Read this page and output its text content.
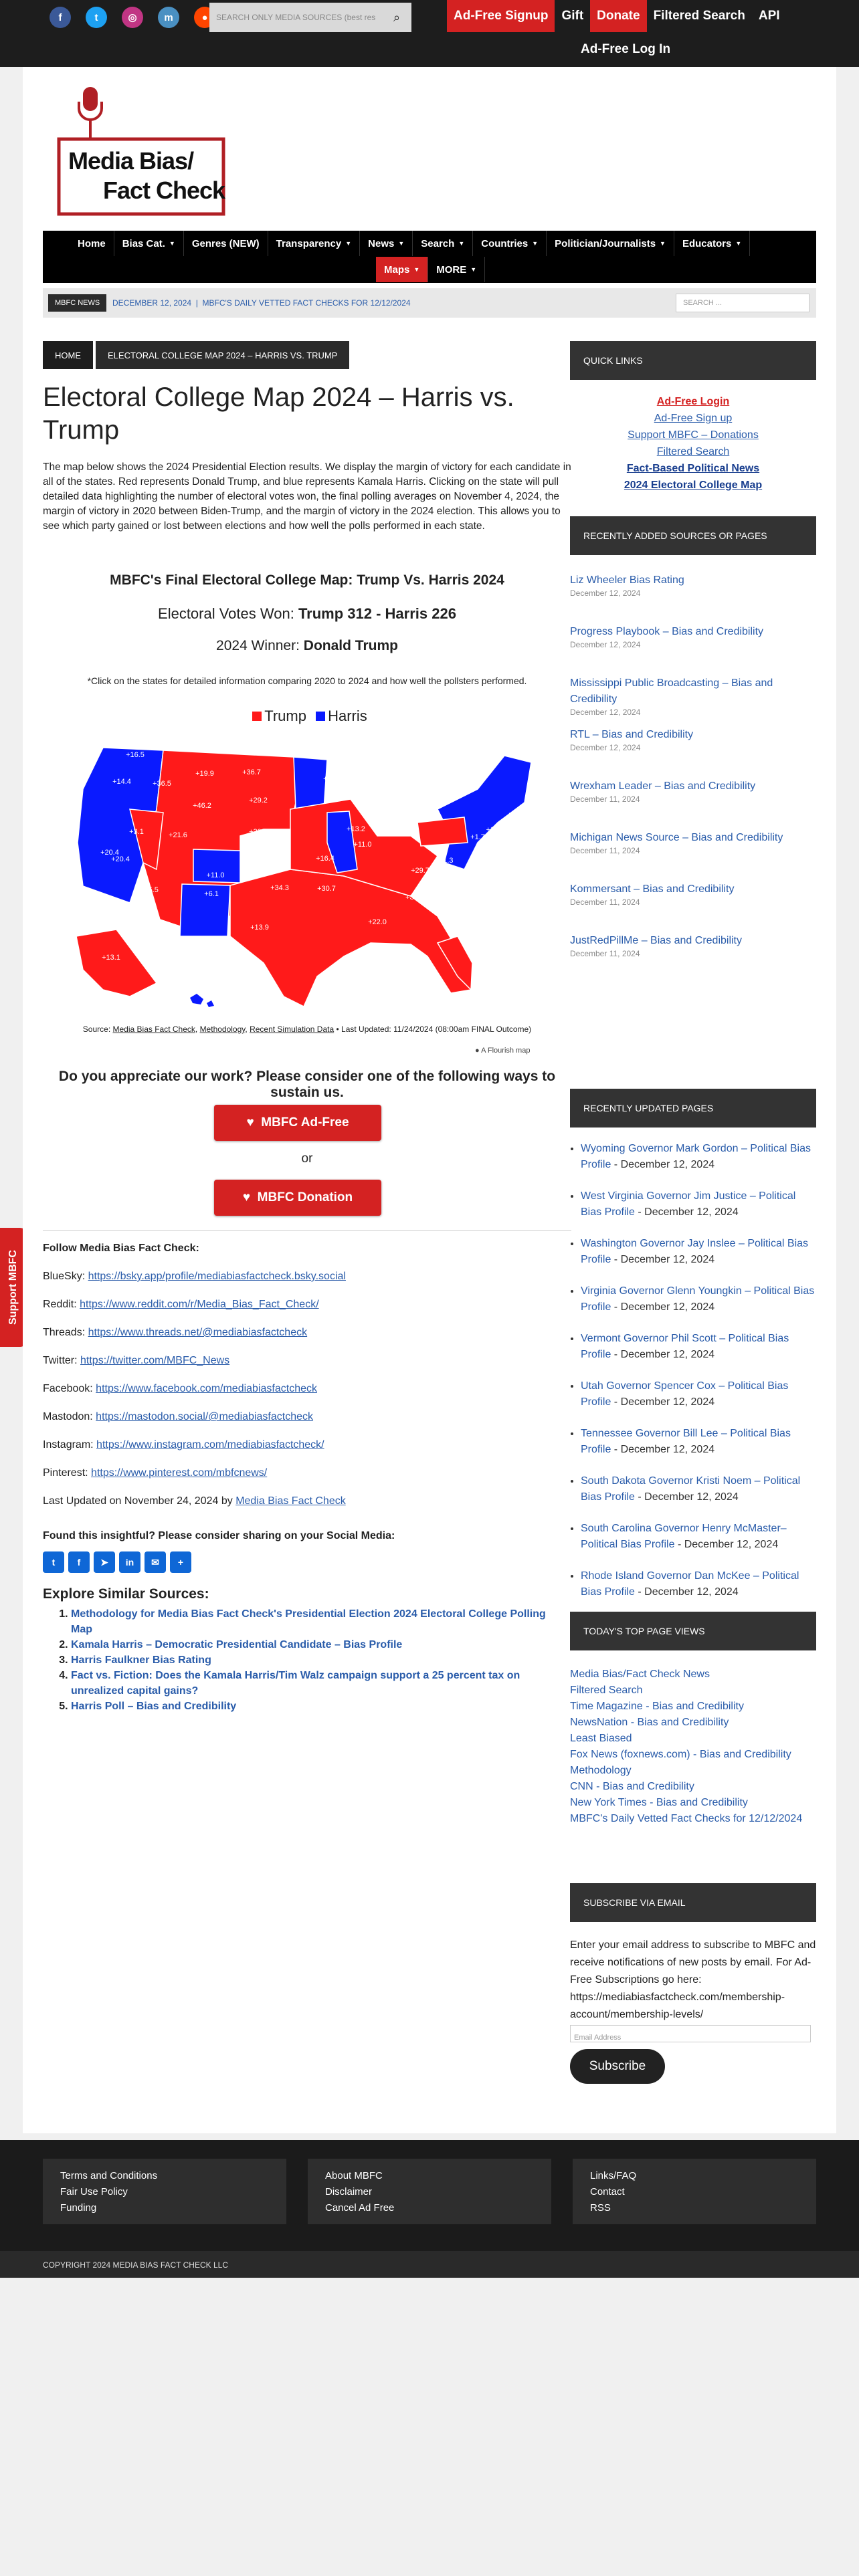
f	t	◎	m	●	SEARCH ONLY MEDIA SOURCES (best res	⌕	Ad-Free Signup	Gift	Donate	Filtered Search	API
Ad-Free Log In
Support MBFC
Media Bias/
Fact Check
Home Bias Cat. ▼ Genres (NEW) Transparency ▼ News ▼ Search ▼ Countries ▼ Politician/Journalists ▼ Educators ▼
Maps ▼ MORE ▼
MBFC NEWS	DECEMBER 12, 2024  |  MBFC'S DAILY VETTED FACT CHECKS FOR 12/12/2024	SEARCH ...
HOME	ELECTORAL COLLEGE MAP 2024 – HARRIS VS. TRUMP
Electoral College Map 2024 – Harris vs. Trump

The map below shows the 2024 Presidential Election results. We display the margin of victory for each candidate in all of the states. Red represents Donald Trump, and blue represents Kamala Harris. Clicking on the state will pull detailed data highlighting the number of electoral votes won, the final polling averages on November 4, 2024, the margin of victory in 2020 between Biden-Trump, and the margin of victory in the 2024 election. This allows you to see which party gained or lost between elections and how well the polls performed in each state.

MBFC's Final Electoral College Map: Trump Vs. Harris 2024
Electoral Votes Won: Trump 312 - Harris 226
2024 Winner: Donald Trump
*Click on the states for detailed information comparing 2020 to 2024 and how well the pollsters performed.
Trump Harris
+16.5
+14.4
+20.4
+19.9
+36.5
+36.7
+46.2
+29.2
+20.5
+3.1	+21.6
+11.0
+18.2
+5.5	+6.1
+34.3
+13.9
+4.2
+13.2
+0.9
+1.4
+11.0
+16.4
+30.7
+22.0
+30.6
+29.7
+30.7
+11.3
+2.2
+27.0
+3.2
+5.2
+1.7
+11.8
+13.2
+13.1
+6.1
+13.1
+20.4
Source: Media Bias Fact Check, Methodology, Recent Simulation Data • Last Updated: 11/24/2024 (08:00am FINAL Outcome)
● A Flourish map
Do you appreciate our work? Please consider one of the following ways to sustain us.
♥
MBFC Ad-Free
or
♥
MBFC Donation
Follow Media Bias Fact Check:

BlueSky: https://bsky.app/profile/mediabiasfactcheck.bsky.social

Reddit: https://www.reddit.com/r/Media_Bias_Fact_Check/

Threads: https://www.threads.net/@mediabiasfactcheck

Twitter: https://twitter.com/MBFC_News

Facebook: https://www.facebook.com/mediabiasfactcheck

Mastodon: https://mastodon.social/@mediabiasfactcheck

Instagram: https://www.instagram.com/mediabiasfactcheck/

Pinterest: https://www.pinterest.com/mbfcnews/

Last Updated on November 24, 2024 by Media Bias Fact Check

Found this insightful? Please consider sharing on your Social Media:
t	f	➤	in	✉	+
Explore Similar Sources:
1. Methodology for Media Bias Fact Check's Presidential Election 2024 Electoral College Polling Map
2. Kamala Harris – Democratic Presidential Candidate – Bias Profile
3. Harris Faulkner Bias Rating
4. Fact vs. Fiction: Does the Kamala Harris/Tim Walz campaign support a 25 percent tax on unrealized capital gains?
5. Harris Poll – Bias and Credibility
QUICK LINKS
Ad-Free Login
Ad-Free Sign up
Support MBFC – Donations
Filtered Search
Fact-Based Political News
2024 Electoral College Map
RECENTLY ADDED SOURCES OR PAGES
Liz Wheeler Bias Rating
December 12, 2024
Progress Playbook – Bias and Credibility
December 12, 2024
Mississippi Public Broadcasting – Bias and Credibility
December 12, 2024
RTL – Bias and Credibility
December 12, 2024
Wrexham Leader – Bias and Credibility
December 11, 2024
Michigan News Source – Bias and Credibility
December 11, 2024
Kommersant – Bias and Credibility
December 11, 2024
JustRedPillMe – Bias and Credibility
December 11, 2024
RECENTLY UPDATED PAGES
• Wyoming Governor Mark Gordon – Political Bias Profile - December 12, 2024
• West Virginia Governor Jim Justice – Political Bias Profile - December 12, 2024
• Washington Governor Jay Inslee – Political Bias Profile - December 12, 2024
• Virginia Governor Glenn Youngkin – Political Bias Profile - December 12, 2024
• Vermont Governor Phil Scott – Political Bias Profile - December 12, 2024
• Utah Governor Spencer Cox – Political Bias Profile - December 12, 2024
• Tennessee Governor Bill Lee – Political Bias Profile - December 12, 2024
• South Dakota Governor Kristi Noem – Political Bias Profile - December 12, 2024
• South Carolina Governor Henry McMaster– Political Bias Profile - December 12, 2024
• Rhode Island Governor Dan McKee – Political Bias Profile - December 12, 2024
TODAY'S TOP PAGE VIEWS
Media Bias/Fact Check News
Filtered Search
Time Magazine - Bias and Credibility
NewsNation - Bias and Credibility
Least Biased
Fox News (foxnews.com) - Bias and Credibility
Methodology
CNN - Bias and Credibility
New York Times - Bias and Credibility
MBFC's Daily Vetted Fact Checks for 12/12/2024
SUBSCRIBE VIA EMAIL
Enter your email address to subscribe to MBFC and receive notifications of new posts by email. For Ad-Free Subscriptions go here: https://mediabiasfactcheck.com/membership-account/membership-levels/
Email Address
Subscribe
Terms and Conditions
Fair Use Policy
Funding
About MBFC
Disclaimer
Cancel Ad Free
Links/FAQ
Contact
RSS
COPYRIGHT 2024 MEDIA BIAS FACT CHECK LLC
